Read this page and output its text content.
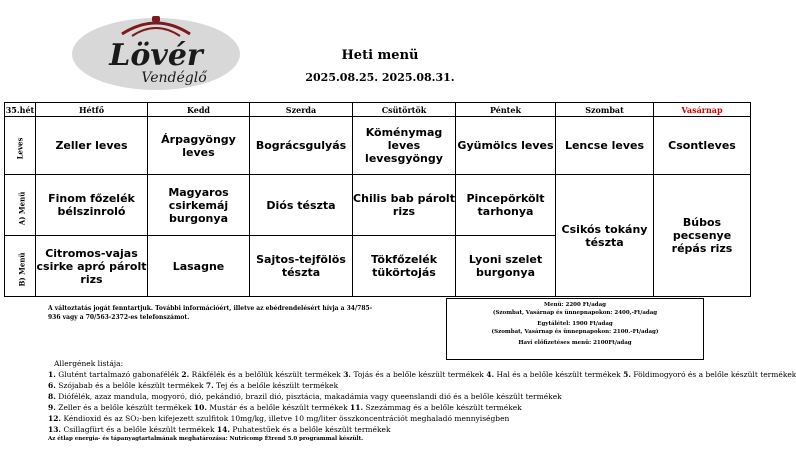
Lövér
Vendéglő
Heti menü
2025.08.25. 2025.08.31.
35.hét	Hétfő	Kedd	Szerda	Csütörtök	Péntek	Szombat	Vasárnap
Leves	Zeller leves	Árpagyöngy leves	Bográcsgulyás	Köménymag leves levesgyöngy	Gyümölcs leves	Lencse leves	Csontleves
A) Menü	Finom főzelék bélszinroló	Magyaros csirkemáj burgonya	Diós tészta	Chilis bab párolt rizs	Pincepörkölt tarhonya	Csikós tokány tészta	Búbos pecsenye répás rizs
B) Menü	Citromos-vajas csirke apró párolt rizs	Lasagne	Sajtos-tejfölös tészta	Tökfőzelék tükörtojás	Lyoni szelet burgonya		
A változtatás jogát fenntartjuk. További információért, illetve az ebédrendelésért hívja a 34/785-936 vagy a 70/563-2372-es telefonszámot.
Menü: 2200 Ft/adag
(Szombat, Vasárnap és ünnepnapokon: 2400,-Ft/adag
Egytálétel: 1900 Ft/adag
(Szombat, Vasárnap és ünnepnapokon: 2100.-Ft/adag)
Havi előfizetéses menü: 2100Ft/adag
Allergének listája:
1. Glutént tartalmazó gabonafélék 2. Rákfélék és a belőlük készült termékek 3. Tojás és a belőle készült termékek 4. Hal és a belőle készült termékek 5. Földimogyoró és a belőle készült termékek
6. Szójabab és a belőle készült termékek 7. Tej és a belőle készült termékek
8. Diófélék, azaz mandula, mogyoró, dió, pekándió, brazil dió, pisztácia, makadámia vagy queenslandi dió és a belőle készült termékek
9. Zeller és a belőle készült termékek 10. Mustár és a belőle készült termékek 11. Szezámmag és a belőle készült termékek
12. Kéndioxid és az SO₂-ben kifejezett szulfitok 10mg/kg, illetve 10 mg/liter összkoncentrációt meghaladó mennyiségben
13. Csillagfürt és a belőle készült termékek 14. Puhatestűek és a belőle készült termékek
Az étlap energia- és tápanyagtartalmának meghatározása: Nutricomp Étrend 5.0 programmal készült.
